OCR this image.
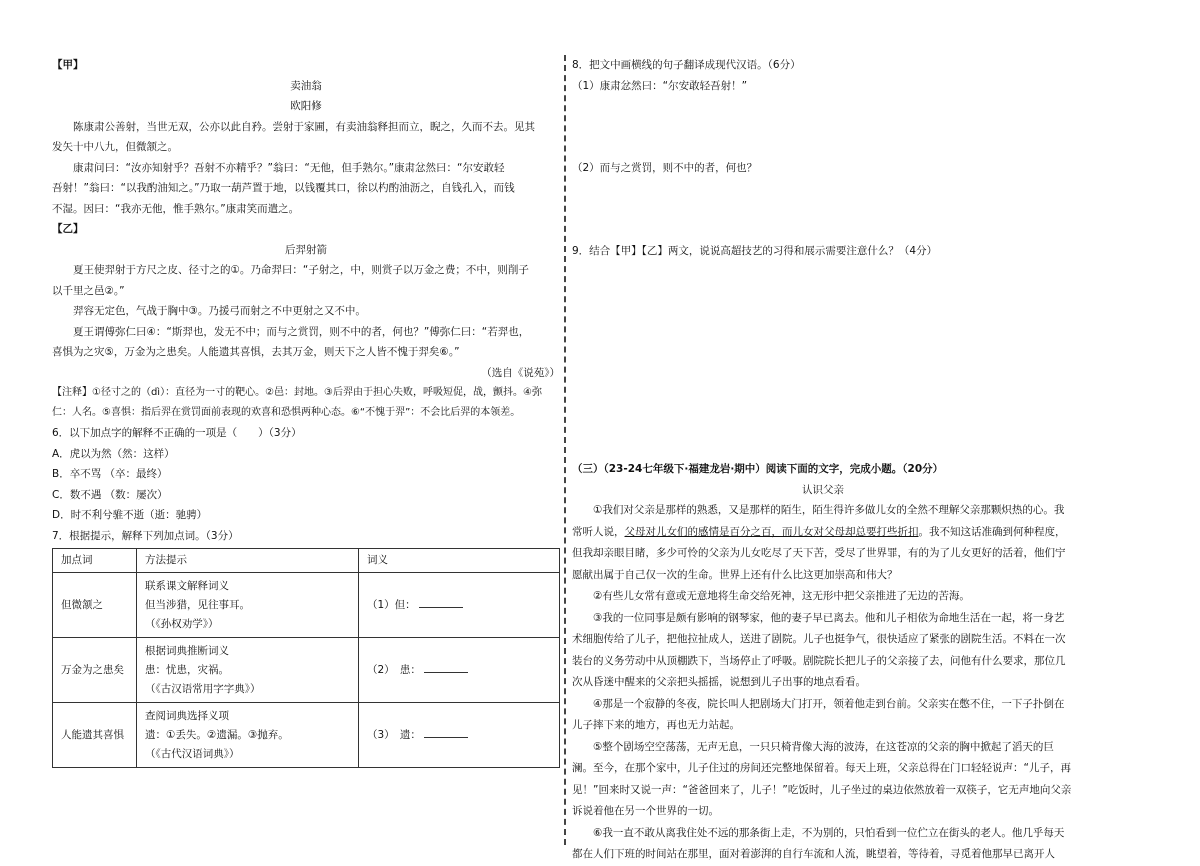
【甲】
卖油翁
欧阳修
陈康肃公善射，当世无双，公亦以此自矜。尝射于家圃，有卖油翁释担而立，睨之，久而不去。见其
发矢十中八九，但微颔之。
康肃问曰：“汝亦知射乎？吾射不亦精乎？”翁曰：“无他，但手熟尔。”康肃忿然曰：“尔安敢轻
吾射！”翁曰：“以我酌油知之。”乃取一葫芦置于地，以钱覆其口，徐以杓酌油沥之，自钱孔入，而钱
不湿。因曰：“我亦无他，惟手熟尔。”康肃笑而遣之。
【乙】
后羿射箭
夏王使羿射于方尺之皮、径寸之的①。乃命羿曰：“子射之，中，则赏子以万金之费；不中，则削子
以千里之邑②。”
羿容无定色，气战于胸中③。乃援弓而射之不中更射之又不中。
夏王谓傅弥仁曰④：“斯羿也，发无不中；而与之赏罚，则不中的者，何也？”傅弥仁曰：“若羿也，
喜惧为之灾⑤，万金为之患矣。人能遗其喜惧，去其万金，则天下之人皆不愧于羿矣⑥。”
（选自《说苑》）
【注释】①径寸之的（dì）：直径为一寸的靶心。②邑：封地。③后羿由于担心失败，呼吸短促，战，颤抖。④弥
仁：人名。⑤喜惧：指后羿在赏罚面前表现的欢喜和恐惧两种心态。⑥“不愧于羿”：不会比后羿的本领差。
6．以下加点字的解释不正确的一项是（　　）（3分）
A．虎以为然（然：这样）
B．卒不骂 （卒：最终）
C．数不遇 （数：屡次）
D．时不利兮骓不逝（逝：驰骋）
7．根据提示，解释下列加点词。（3分）
加点词	方法提示	词义
但微颔之	联系课文解释词义
但当涉猎，见往事耳。
（《孙权劝学》）	（1）但：
万金为之患矣	根据词典推断词义
患：忧患，灾祸。
（《古汉语常用字字典》）	（2）　患：
人能遗其喜惧	查阅词典选择义项
遗：①丢失。②遗漏。③抛弃。
（《古代汉语词典》）	（3）　遗：
8．把文中画横线的句子翻译成现代汉语。（6分）
（1）康肃忿然曰：“尔安敢轻吾射！”
（2）而与之赏罚，则不中的者，何也？
9．结合【甲】【乙】两文，说说高超技艺的习得和展示需要注意什么？（4分）
（三）（23-24七年级下·福建龙岩·期中）阅读下面的文字，完成小题。（20分）
认识父亲
①我们对父亲是那样的熟悉，又是那样的陌生，陌生得许多做儿女的全然不理解父亲那颗炽热的心。我常听人说，父母对儿女们的感情是百分之百，而儿女对父母却总要打些折扣。我不知这话准确到何种程度，但我却亲眼目睹，多少可怜的父亲为儿女吃尽了天下苦，受尽了世界罪，有的为了儿女更好的活着，他们宁愿献出属于自己仅一次的生命。世界上还有什么比这更加崇高和伟大？
②有些儿女常有意或无意地将生命交给死神，这无形中把父亲推进了无边的苦海。
③我的一位同事是颇有影响的钢琴家，他的妻子早已离去。他和儿子相依为命地生活在一起，将一身艺术细胞传给了儿子，把他拉扯成人，送进了剧院。儿子也挺争气，很快适应了紧张的剧院生活。不料在一次装台的义务劳动中从顶棚跌下，当场停止了呼吸。剧院院长把儿子的父亲接了去，问他有什么要求，那位几次从昏迷中醒来的父亲把头摇摇，说想到儿子出事的地点看看。
④那是一个寂静的冬夜，院长叫人把剧场大门打开，领着他走到台前。父亲实在憋不住，一下子扑倒在儿子摔下来的地方，再也无力站起。
⑤整个剧场空空荡荡，无声无息，一只只椅背像大海的波涛，在这苍凉的父亲的胸中掀起了滔天的巨澜。至今，在那个家中，儿子住过的房间还完整地保留着。每天上班，父亲总得在门口轻轻说声：“儿子，再见！”回来时又说一声：“爸爸回来了，儿子！”吃饭时，儿子坐过的桌边依然放着一双筷子，它无声地向父亲诉说着他在另一个世界的一切。
⑥我一直不敢从离我住处不远的那条街上走，不为别的，只怕看到一位伫立在街头的老人。他几乎每天都在人们下班的时间站在那里，面对着澎湃的自行车流和人流，眺望着，等待着，寻觅着他那早已离开人
